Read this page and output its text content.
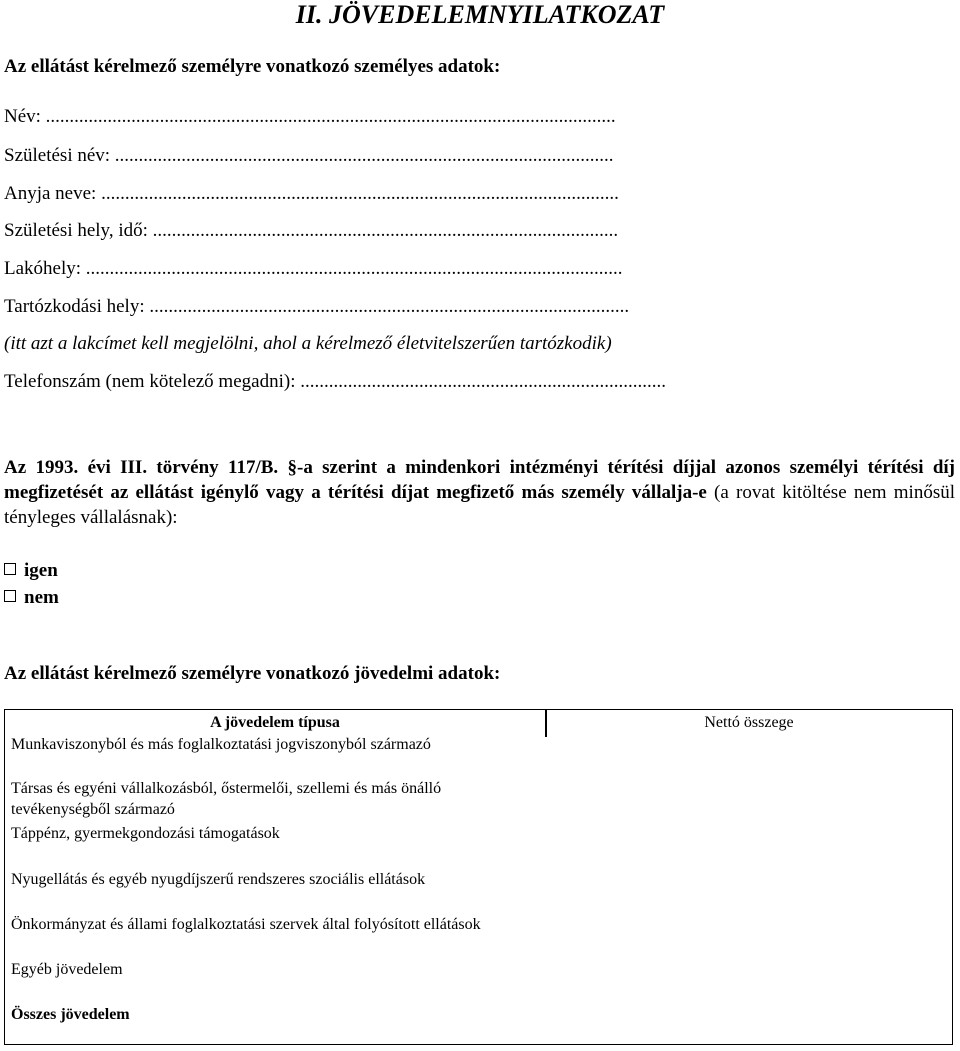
II. JÖVEDELEMNYILATKOZAT
Az ellátást kérelmező személyre vonatkozó személyes adatok:
Név: ........................................................................................................................
Születési név: .........................................................................................................
Anyja neve: .............................................................................................................
Születési hely, idő: ..................................................................................................
Lakóhely: .................................................................................................................
Tartózkodási hely: .....................................................................................................
(itt azt a lakcímet kell megjelölni, ahol a kérelmező életvitelszerűen tartózkodik)
Telefonszám (nem kötelező megadni): .............................................................................
Az 1993. évi III. törvény 117/B. §-a szerint a mindenkori intézményi térítési díjjal azonos személyi térítési díj megfizetését az ellátást igénylő vagy a térítési díjat megfizető más személy vállalja-e (a rovat kitöltése nem minősül tényleges vállalásnak):
igen
nem
Az ellátást kérelmező személyre vonatkozó jövedelmi adatok:
A jövedelem típusa	Nettó összege
Munkaviszonyból és más foglalkoztatási jogviszonyból származó
Társas és egyéni vállalkozásból, őstermelői, szellemi és más önálló tevékenységből származó
Táppénz, gyermekgondozási támogatások
Nyugellátás és egyéb nyugdíjszerű rendszeres szociális ellátások
Önkormányzat és állami foglalkoztatási szervek által folyósított ellátások
Egyéb jövedelem
Összes jövedelem
